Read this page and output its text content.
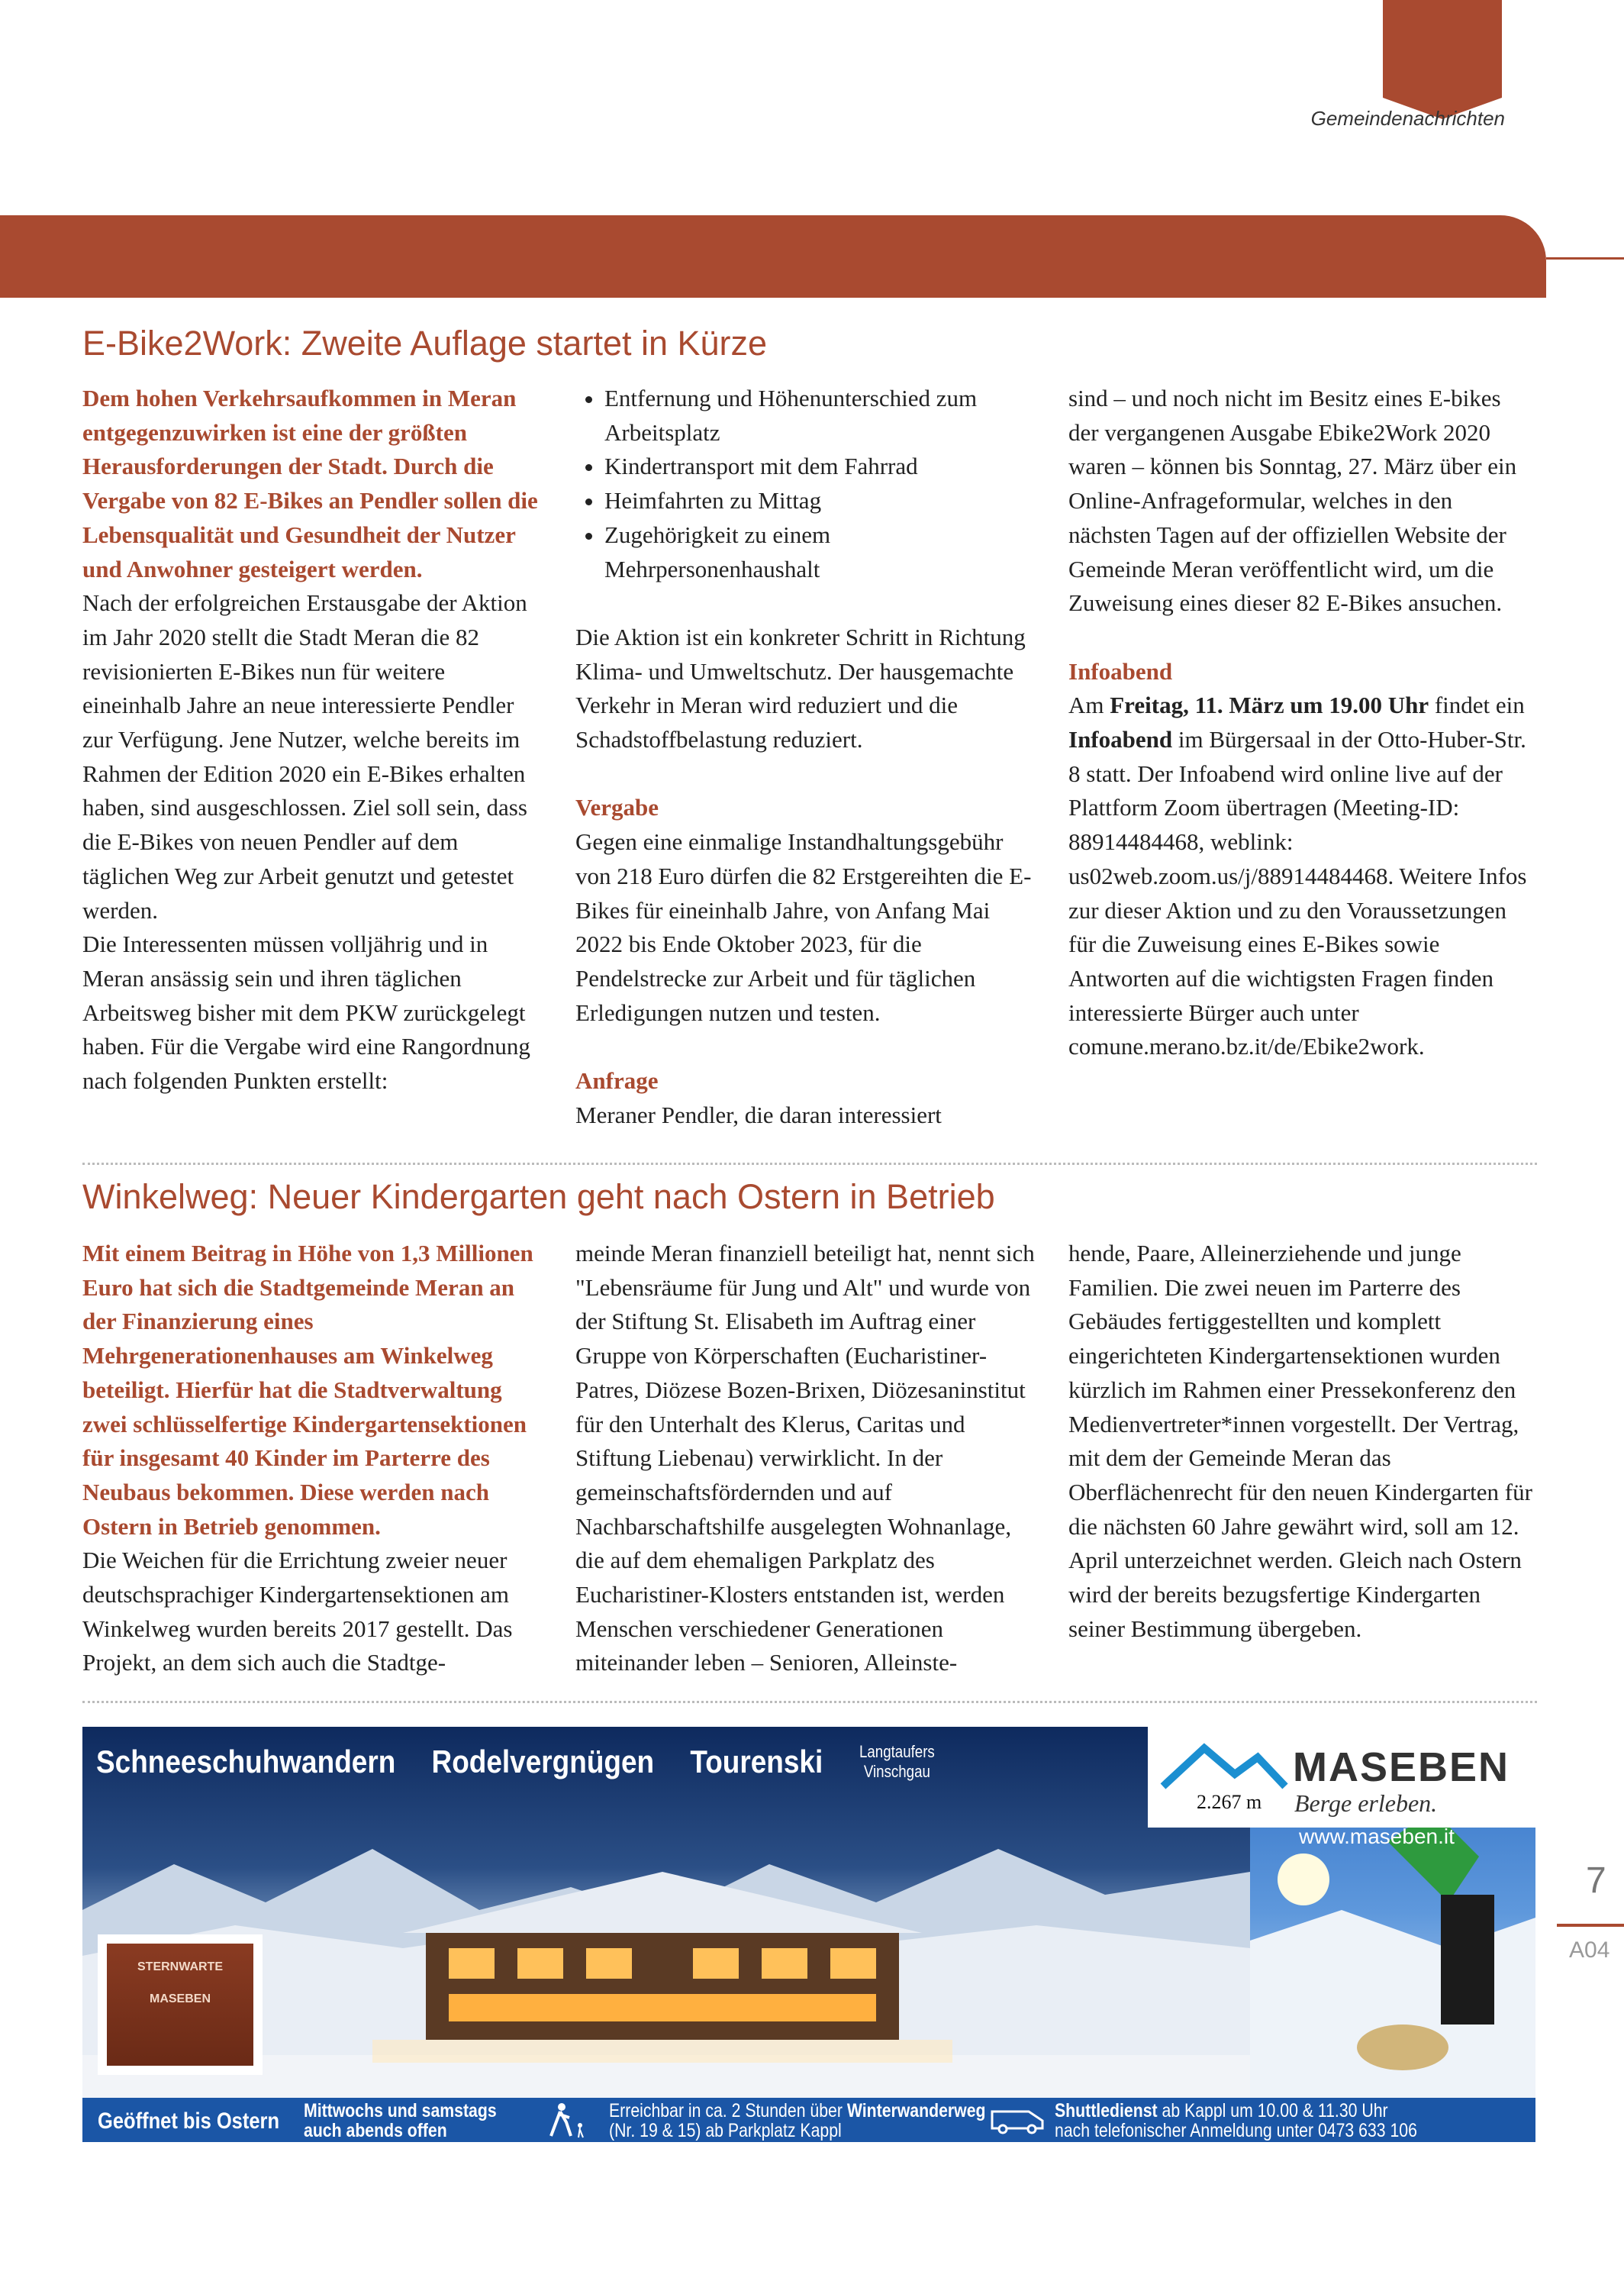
Gemeindenachrichten
E-Bike2Work: Zweite Auflage startet in Kürze

Dem hohen Verkehrsaufkommen in Meran entgegenzuwirken ist eine der größten Herausforderungen der Stadt. Durch die Vergabe von 82 E-Bikes an Pendler sollen die Lebensqualität und Gesundheit der Nutzer und Anwohner gesteigert werden.

Nach der erfolgreichen Erstausgabe der Aktion im Jahr 2020 stellt die Stadt Meran die 82 revisionierten E-Bikes nun für weitere eineinhalb Jahre an neue interessierte Pendler zur Verfügung. Jene Nutzer, welche bereits im Rahmen der Edition 2020 ein E-Bikes erhalten haben, sind ausgeschlossen. Ziel soll sein, dass die E-Bikes von neuen Pendler auf dem täglichen Weg zur Arbeit genutzt und getestet werden.

Die Interessenten müssen volljährig und in Meran ansässig sein und ihren täglichen Arbeitsweg bisher mit dem PKW zurückgelegt haben. Für die Vergabe wird eine Rangordnung nach folgenden Punkten erstellt:

• Entfernung und Höhenunterschied zum Arbeitsplatz
• Kindertransport mit dem Fahrrad
• Heimfahrten zu Mittag
• Zugehörigkeit zu einem Mehrpersonenhaushalt

Die Aktion ist ein konkreter Schritt in Richtung Klima- und Umweltschutz. Der hausgemachte Verkehr in Meran wird reduziert und die Schadstoffbelastung reduziert.

Vergabe

Gegen eine einmalige Instandhaltungsgebühr von 218 Euro dürfen die 82 Erstgereihten die E-Bikes für eineinhalb Jahre, von Anfang Mai 2022 bis Ende Oktober 2023, für die Pendelstrecke zur Arbeit und für täglichen Erledigungen nutzen und testen.

Anfrage

Meraner Pendler, die daran interessiert

sind – und noch nicht im Besitz eines E-bikes der vergangenen Ausgabe Ebike2Work 2020 waren – können bis Sonntag, 27. März über ein Online-Anfrageformular, welches in den nächsten Tagen auf der offiziellen Website der Gemeinde Meran veröffentlicht wird, um die Zuweisung eines dieser 82 E-Bikes ansuchen.

Infoabend

Am Freitag, 11. März um 19.00 Uhr findet ein Infoabend im Bürgersaal in der Otto-Huber-Str. 8 statt. Der Infoabend wird online live auf der Plattform Zoom übertragen (Meeting-ID: 88914484468, weblink: us02web.zoom.us/j/88914484468. Weitere Infos zur dieser Aktion und zu den Voraussetzungen für die Zuweisung eines E-Bikes sowie Antworten auf die wichtigsten Fragen finden interessierte Bürger auch unter comune.merano.bz.it/de/Ebike2work.

Winkelweg: Neuer Kindergarten geht nach Ostern in Betrieb

Mit einem Beitrag in Höhe von 1,3 Millionen Euro hat sich die Stadtgemeinde Meran an der Finanzierung eines Mehrgenerationenhauses am Winkelweg beteiligt. Hierfür hat die Stadtverwaltung zwei schlüsselfertige Kindergartensektionen für insgesamt 40 Kinder im Parterre des Neubaus bekommen. Diese werden nach Ostern in Betrieb genommen.

Die Weichen für die Errichtung zweier neuer deutschsprachiger Kindergartensektionen am Winkelweg wurden bereits 2017 gestellt. Das Projekt, an dem sich auch die Stadtge-

meinde Meran finanziell beteiligt hat, nennt sich "Lebensräume für Jung und Alt" und wurde von der Stiftung St. Elisabeth im Auftrag einer Gruppe von Körperschaften (Eucharistiner-Patres, Diözese Bozen-Brixen, Diözesaninstitut für den Unterhalt des Klerus, Caritas und Stiftung Liebenau) verwirklicht. In der gemeinschaftsfördernden und auf Nachbarschaftshilfe ausgelegten Wohnanlage, die auf dem ehemaligen Parkplatz des Eucharistiner-Klosters entstanden ist, werden Menschen verschiedener Generationen miteinander leben – Senioren, Alleinste-

hende, Paare, Alleinerziehende und junge Familien. Die zwei neuen im Parterre des Gebäudes fertiggestellten und komplett eingerichteten Kindergartensektionen wurden kürzlich im Rahmen einer Pressekonferenz den Medienvertreter*innen vorgestellt. Der Vertrag, mit dem der Gemeinde Meran das Oberflächenrecht für den neuen Kindergarten für die nächsten 60 Jahre gewährt wird, soll am 12. April unterzeichnet werden. Gleich nach Ostern wird der bereits bezugsfertige Kindergarten seiner Bestimmung übergeben.

STERNWARTE
MASEBEN
Schneeschuhwandern Rodelvergnügen Tourenski	Langtaufers
Vinschgau
2.267 m
MASEBEN
Berge erleben.
www.maseben.it
Geöffnet bis Ostern Mittwochs und samstags
auch abends offen
Erreichbar in ca. 2 Stunden über Winterwanderweg
(Nr. 19 & 15) ab Parkplatz Kappl
Shuttledienst ab Kappl um 10.00 & 11.30 Uhr
nach telefonischer Anmeldung unter 0473 633 106
7
A04
